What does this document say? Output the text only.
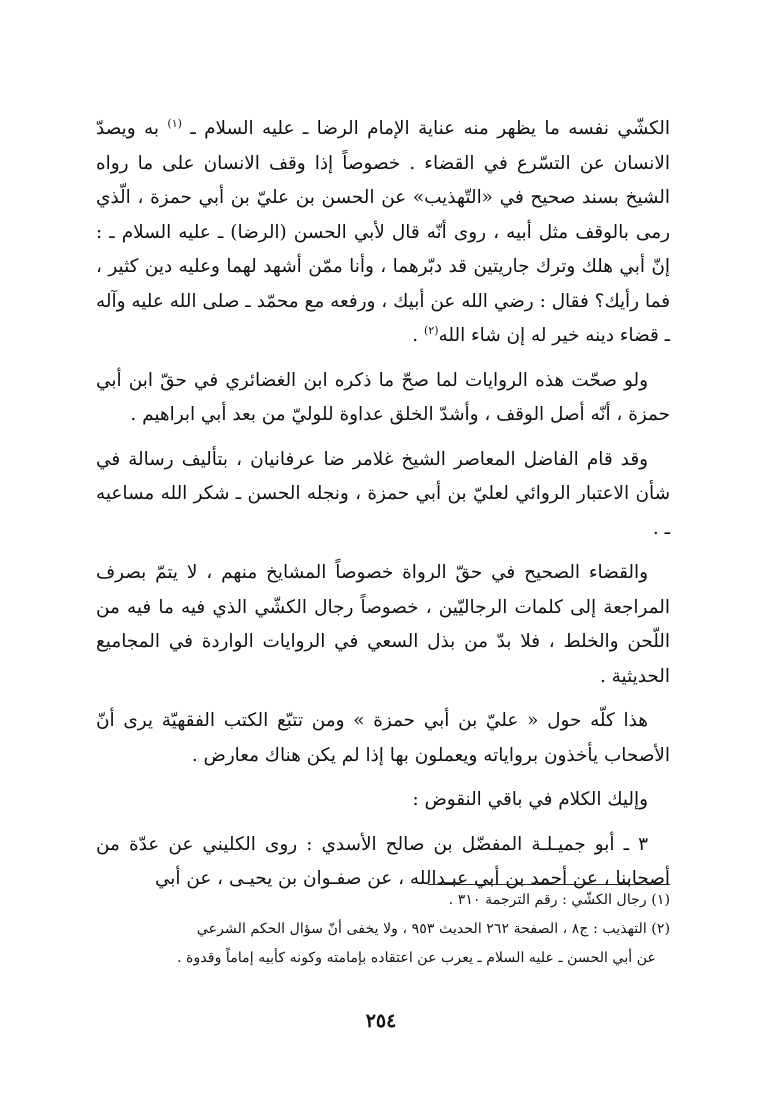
الكشّي نفسه ما يظهر منه عناية الإمام الرضا ـ عليه السلام ـ $^{(١)}$ به ويصدّ الانسان عن التسّرع في القضاء . خصوصاً إذا وقف الانسان على ما رواه الشيخ بسند صحيح في «التّهذيب» عن الحسن بن عليّ بن أبي حمزة ، الّذي رمى بالوقف مثل أبيه ، روى أنّه قال لأبي الحسن (الرضا) ـ عليه السلام ـ : إنّ أبي هلك وترك جاريتين قد دبّرهما ، وأنا ممّن أشهد لهما وعليه دين كثير ، فما رأيك؟ فقال : رضي الله عن أبيك ، ورفعه مع محمّد ـ صلى الله عليه وآله ـ قضاء دينه خير له إن شاء الله$^{(٢)}$ .

ولو صحّت هذه الروايات لما صحّ ما ذكره ابن الغضائري في حقّ ابن أبي حمزة ، أنّه أصل الوقف ، وأشدّ الخلق عداوة للوليّ من بعد أبي ابراهيم .

وقد قام الفاضل المعاصر الشيخ غلامر ضا عرفانيان ، بتأليف رسالة في شأن الاعتبار الروائي لعليّ بن أبي حمزة ، ونجله الحسن ـ شكر الله مساعيه ـ .

والقضاء الصحيح في حقّ الرواة خصوصاً المشايخ منهم ، لا يتمّ بصرف المراجعة إلى كلمات الرجاليّين ، خصوصاً رجال الكشّي الذي فيه ما فيه من اللّحن والخلط ، فلا بدّ من بذل السعي في الروايات الواردة في المجاميع الحديثية .

هذا كلّه حول « عليّ بن أبي حمزة » ومن تتبّع الكتب الفقهيّة يرى أنّ الأصحاب يأخذون برواياته ويعملون بها إذا لم يكن هناك معارض .

وإليك الكلام في باقي النقوض :

٣ ـ أبو جميـلـة المفضّل بن صالح الأسدي : روى الكليني عن عدّة من أصحابنا ، عن أحمد بن أبي عبـدالله ، عن صفـوان بن يحيـى ، عن أبي

(١) رجال الكشّي : رقم الترجمة ٣١٠ .

(٢) التهذيب : ج٨ ، الصفحة ٢٦٢ الحديث ٩٥٣ ، ولا يخفى أنّ سؤال الحكم الشرعي
عن أبي الحسن ـ عليه السلام ـ يعرب عن اعتقاده بإمامته وكونه كأبيه إماماً وقدوة .

٢٥٤
